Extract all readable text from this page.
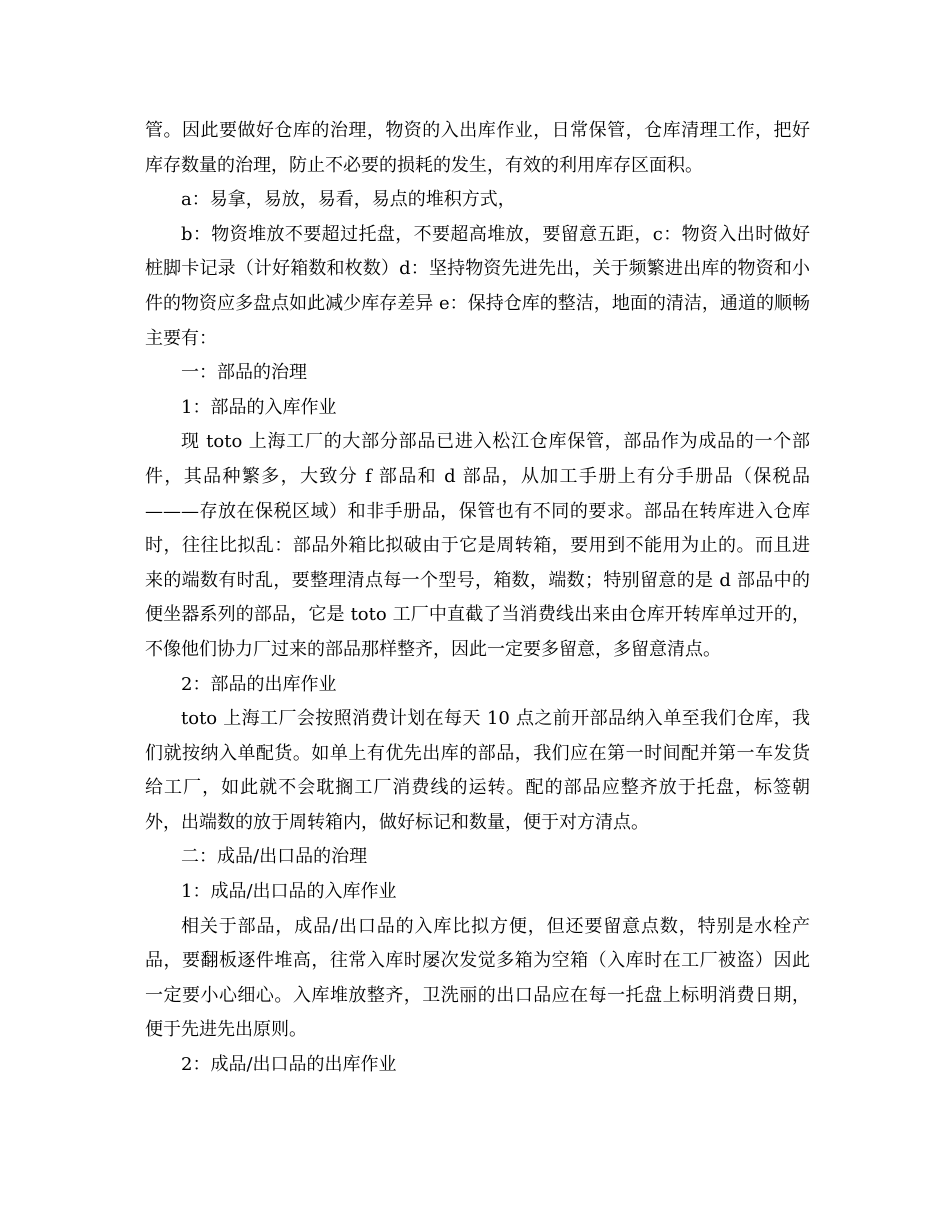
管。因此要做好仓库的治理，物资的入出库作业，日常保管，仓库清理工作，把好库存数量的治理，防止不必要的损耗的发生，有效的利用库存区面积。

a：易拿，易放，易看，易点的堆积方式，

b：物资堆放不要超过托盘，不要超高堆放，要留意五距，c：物资入出时做好桩脚卡记录（计好箱数和枚数）d：坚持物资先进先出，关于频繁进出库的物资和小件的物资应多盘点如此减少库存差异 e：保持仓库的整洁，地面的清洁，通道的顺畅主要有：

一：部品的治理

1：部品的入库作业

现 toto 上海工厂的大部分部品已进入松江仓库保管，部品作为成品的一个部件，其品种繁多，大致分 f 部品和 d 部品，从加工手册上有分手册品（保税品———存放在保税区域）和非手册品，保管也有不同的要求。部品在转库进入仓库时，往往比拟乱：部品外箱比拟破由于它是周转箱，要用到不能用为止的。而且进来的端数有时乱，要整理清点每一个型号，箱数，端数；特别留意的是 d 部品中的便坐器系列的部品，它是 toto 工厂中直截了当消费线出来由仓库开转库单过开的，不像他们协力厂过来的部品那样整齐，因此一定要多留意，多留意清点。

2：部品的出库作业

toto 上海工厂会按照消费计划在每天 10 点之前开部品纳入单至我们仓库，我们就按纳入单配货。如单上有优先出库的部品，我们应在第一时间配并第一车发货给工厂，如此就不会耽搁工厂消费线的运转。配的部品应整齐放于托盘，标签朝外，出端数的放于周转箱内，做好标记和数量，便于对方清点。

二：成品/出口品的治理

1：成品/出口品的入库作业

相关于部品，成品/出口品的入库比拟方便，但还要留意点数，特别是水栓产品，要翻板逐件堆高，往常入库时屡次发觉多箱为空箱（入库时在工厂被盗）因此一定要小心细心。入库堆放整齐，卫洗丽的出口品应在每一托盘上标明消费日期，便于先进先出原则。

2：成品/出口品的出库作业
